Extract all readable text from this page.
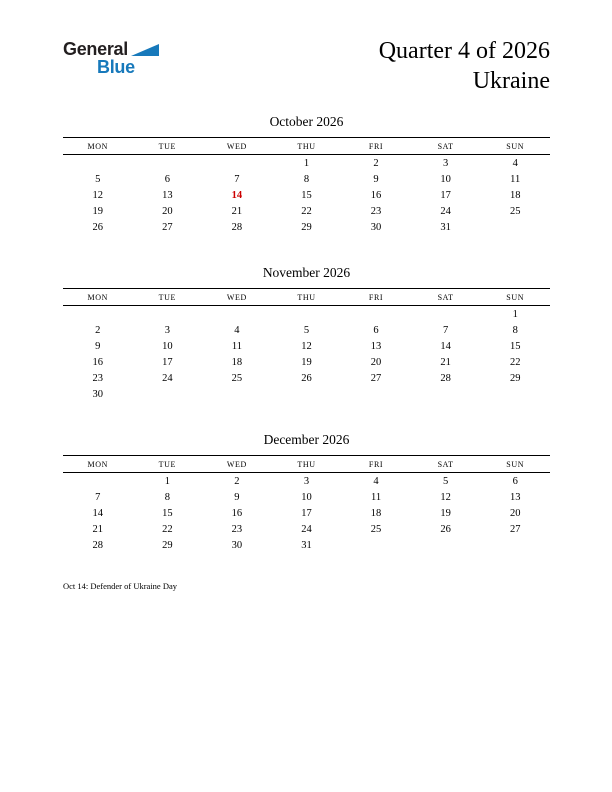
General
Blue
Quarter 4 of 2026
Ukraine
October 2026
MON	TUE	WED	THU	FRI	SAT	SUN
			1	2	3	4
5	6	7	8	9	10	11
12	13	14	15	16	17	18
19	20	21	22	23	24	25
26	27	28	29	30	31	
November 2026
MON	TUE	WED	THU	FRI	SAT	SUN
						1
2	3	4	5	6	7	8
9	10	11	12	13	14	15
16	17	18	19	20	21	22
23	24	25	26	27	28	29
30						
December 2026
MON	TUE	WED	THU	FRI	SAT	SUN
	1	2	3	4	5	6
7	8	9	10	11	12	13
14	15	16	17	18	19	20
21	22	23	24	25	26	27
28	29	30	31			

Oct 14: Defender of Ukraine Day
